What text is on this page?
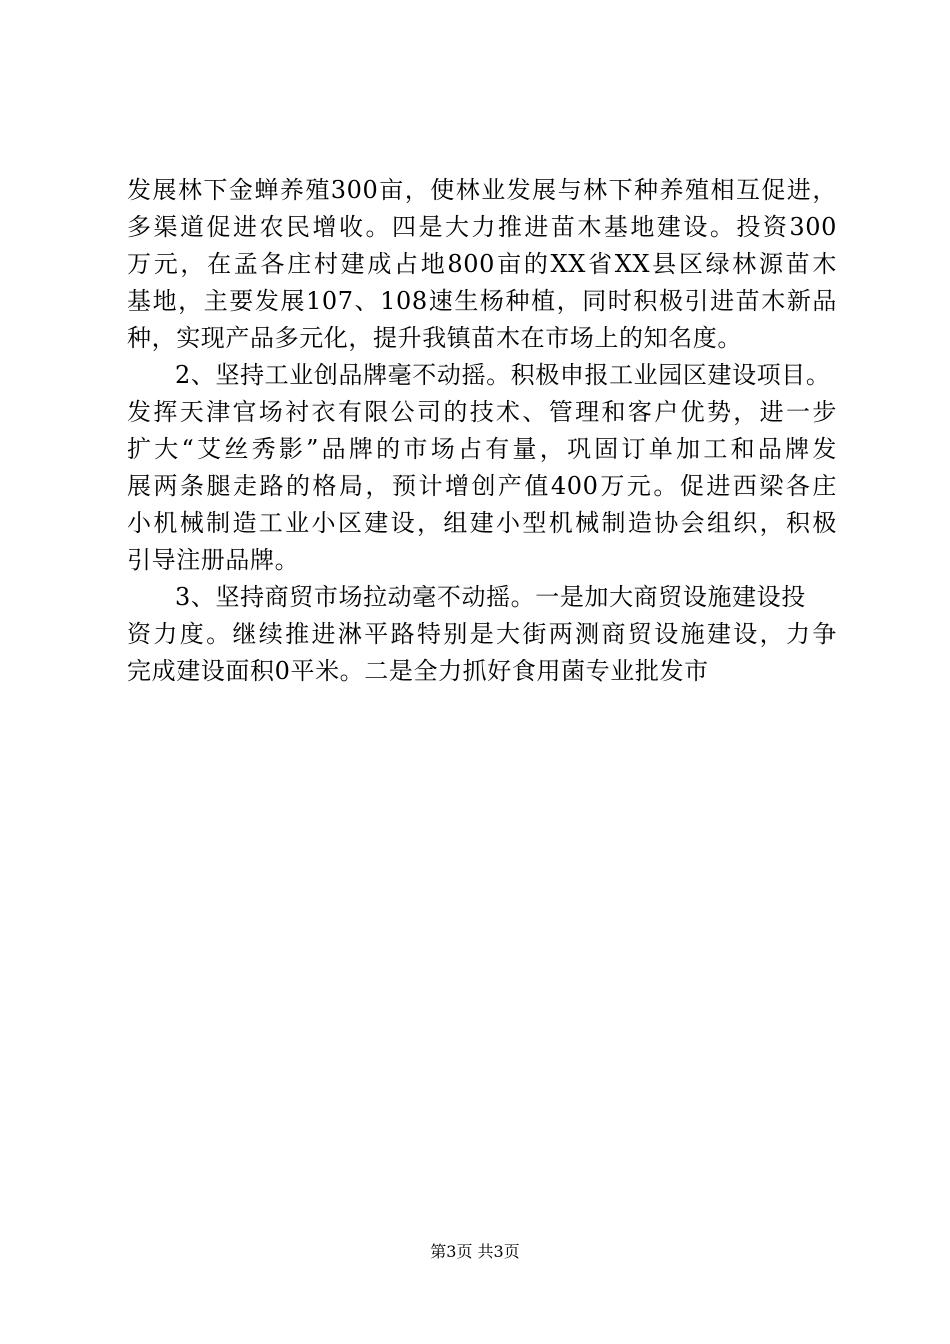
发展林下金蝉养殖300亩，使林业发展与林下种养殖相互促进，
多渠道促进农民增收。四是大力推进苗木基地建设。投资300
万元，在孟各庄村建成占地800亩的XX省XX县区绿林源苗木
基地，主要发展107、108速生杨种植，同时积极引进苗木新品
种，实现产品多元化，提升我镇苗木在市场上的知名度。
2、坚持工业创品牌毫不动摇。积极申报工业园区建设项目。
发挥天津官场衬衣有限公司的技术、管理和客户优势，进一步
扩大“艾丝秀影”品牌的市场占有量，巩固订单加工和品牌发
展两条腿走路的格局，预计增创产值400万元。促进西梁各庄
小机械制造工业小区建设，组建小型机械制造协会组织，积极
引导注册品牌。
3、坚持商贸市场拉动毫不动摇。一是加大商贸设施建设投
资力度。继续推进淋平路特别是大街两测商贸设施建设，力争
完成建设面积0平米。二是全力抓好食用菌专业批发市
第3页 共3页
